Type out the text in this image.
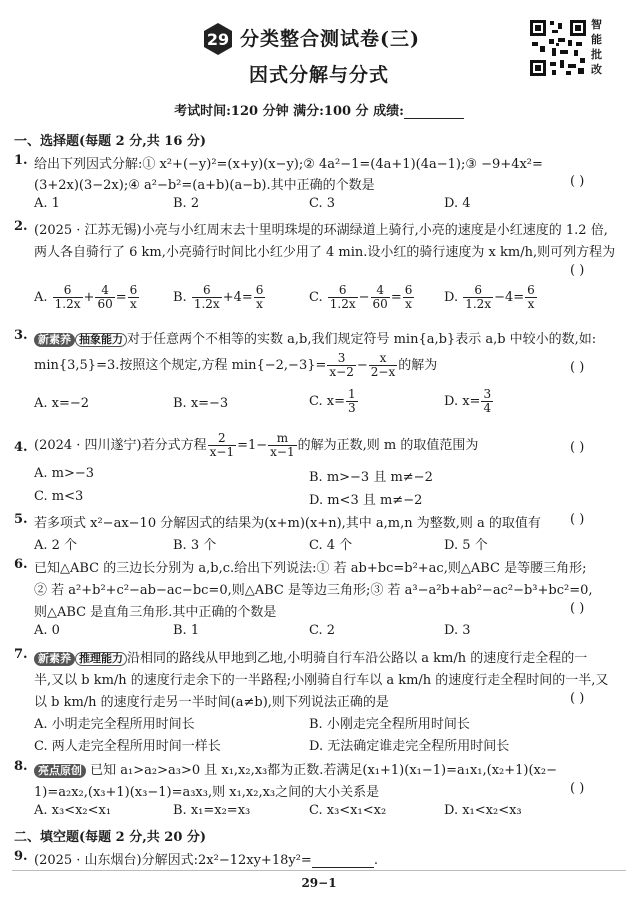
29 分类整合测试卷(三)
因式分解与分式
智
能
批
改
考试时间:120 分钟 满分:100 分 成绩:
一、选择题(每题 2 分,共 16 分)
1. 给出下列因式分解:① x²+(−y)²=(x+y)(x−y);② 4a²−1=(4a+1)(4a−1);③ −9+4x²=
(3+2x)(3−2x);④ a²−b²=(a+b)(a−b).其中正确的个数是	( )
A. 1	B. 2	C. 3	D. 4
2. (2025 · 江苏无锡)小亮与小红周末去十里明珠堤的环湖绿道上骑行,小亮的速度是小红速度的 1.2 倍,
两人各自骑行了 6 km,小亮骑行时间比小红少用了 4 min.设小红的骑行速度为 x km/h,则可列方程为
( )
A. $\frac{6}{1.2x} + \frac{4}{60} = \frac{6}{x}$	B. $\frac{6}{1.2x} +4= \frac{6}{x}$	C. $\frac{6}{1.2x} - \frac{4}{60} = \frac{6}{x} D$. $\frac{6}{1.2x} -4= \frac{6}{x}$
3. 新素养 抽象能力 对于任意两个不相等的实数 a,b,我们规定符号 min{a,b}表示 a,b 中较小的数,如:
min{3,5}=3.按照这个规定,方程 $\min\{-2,-3\}= \frac{3}{x-2} - \frac{x}{2-x}$ 的解为	( )
A. x=−2	B. x=−3	C. $x= \frac{1}{3}$	D. $x= \frac{3}{4}$
4. (2024 · 四川遂宁)若分式方程 $\frac{2}{x-1} =1- \frac{m}{x-1}$ 的解为正数,则 m 的取值范围为	( )
A. m>−3	B. m>−3 且 m≠−2
C. m<3	D. m<3 且 m≠−2
5. 若多项式 x²−ax−10 分解因式的结果为(x+m)(x+n),其中 a,m,n 为整数,则 a 的取值有 ( )
A. 2 个	B. 3 个	C. 4 个	D. 5 个
6. 已知△ABC 的三边长分别为 a,b,c.给出下列说法:① 若 ab+bc=b²+ac,则△ABC 是等腰三角形;
② 若 a²+b²+c²−ab−ac−bc=0,则△ABC 是等边三角形;③ 若 a³−a²b+ab²−ac²−b³+bc²=0,
则△ABC 是直角三角形.其中正确的个数是	( )
A. 0	B. 1	C. 2	D. 3
7. 新素养 推理能力 沿相同的路线从甲地到乙地,小明骑自行车沿公路以 a km/h 的速度行走全程的一
半,又以 b km/h 的速度行走余下的一半路程;小刚骑自行车以 a km/h 的速度行走全程时间的一半,又
以 b km/h 的速度行走另一半时间(a≠b),则下列说法正确的是	( )
A. 小明走完全程所用时间长	B. 小刚走完全程所用时间长
C. 两人走完全程所用时间一样长	D. 无法确定谁走完全程所用时间长
8. 亮点原创 已知 a₁>a₂>a₃>0 且 x₁,x₂,x₃都为正数.若满足(x₁+1)(x₁−1)=a₁x₁,(x₂+1)(x₂−
1)=a₂x₂,(x₃+1)(x₃−1)=a₃x₃,则 x₁,x₂,x₃之间的大小关系是	( )
A. x₃<x₂<x₁	B. x₁=x₂=x₃	C. x₃<x₁<x₂	D. x₁<x₂<x₃
二、填空题(每题 2 分,共 20 分)
9. (2025 · 山东烟台)分解因式:2x²−12xy+18y²=	.
29−1
